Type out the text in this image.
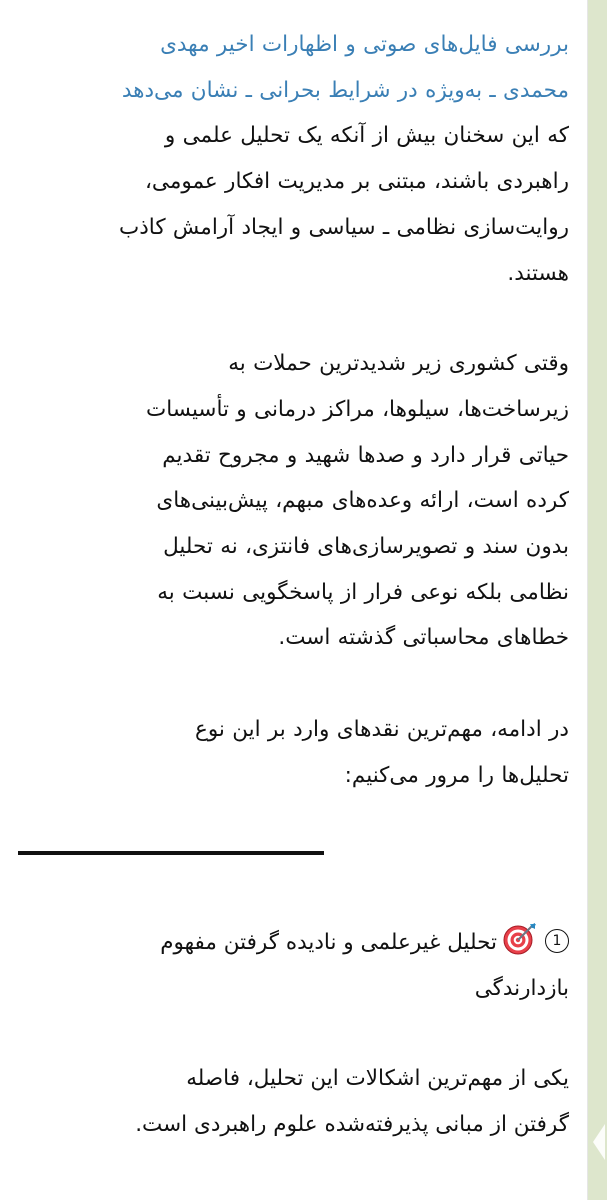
بررسی فایل‌های صوتی و اظهارات اخیر مهدی
محمدی ـ به‌ویژه در شرایط بحرانی ـ نشان می‌دهد
که این سخنان بیش از آنکه یک تحلیل علمی و
راهبردی باشند، مبتنی بر مدیریت افکار عمومی،
روایت‌سازی نظامی ـ سیاسی و ایجاد آرامش کاذب
هستند.

وقتی کشوری زیر شدیدترین حملات به
زیرساخت‌ها، سیلوها، مراکز درمانی و تأسیسات
حیاتی قرار دارد و صدها شهید و مجروح تقدیم
کرده است، ارائه وعده‌های مبهم، پیش‌بینی‌های
بدون سند و تصویرسازی‌های فانتزی، نه تحلیل
نظامی بلکه نوعی فرار از پاسخگویی نسبت به
خطاهای محاسباتی گذشته است.

در ادامه، مهم‌ترین نقدهای وارد بر این نوع
تحلیل‌ها را مرور می‌کنیم:

1تحلیل غیرعلمی و نادیده گرفتن مفهوم
بازدارندگی

یکی از مهم‌ترین اشکالات این تحلیل، فاصله
گرفتن از مبانی پذیرفته‌شده علوم راهبردی است.
